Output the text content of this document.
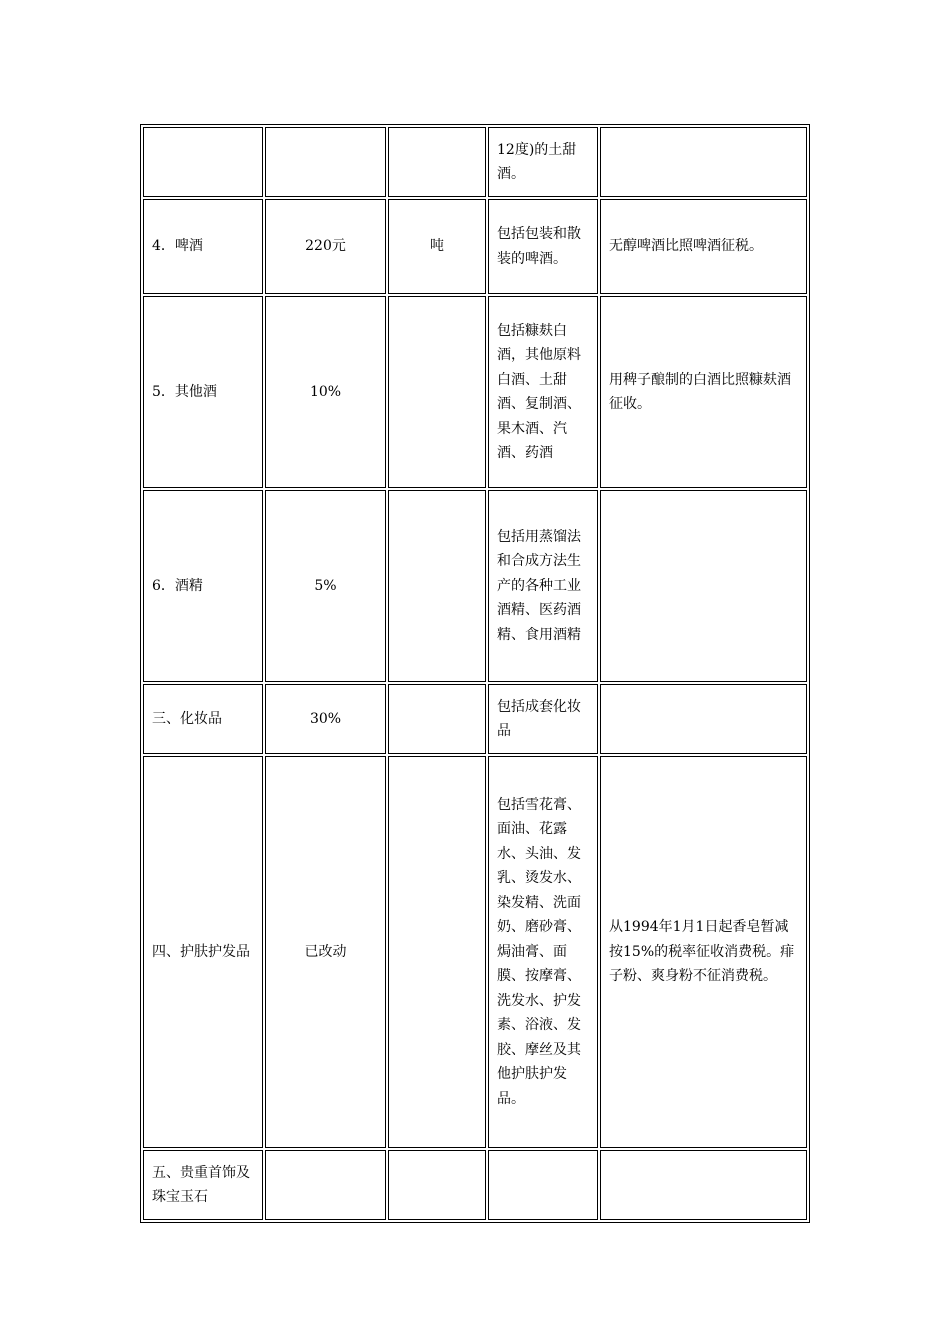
			12度)的土甜酒。	
4．啤酒	220元	吨	包括包装和散装的啤酒。	无醇啤酒比照啤酒征税。
5．其他酒	10%		包括糠麸白酒，其他原料白酒、土甜酒、复制酒、果木酒、汽酒、药酒	用稗子酿制的白酒比照糠麸酒征收。
6．酒精	5%		包括用蒸馏法和合成方法生产的各种工业酒精、医药酒精、食用酒精	
三、化妆品	30%		包括成套化妆品	
四、护肤护发品	已改动		包括雪花膏、面油、花露水、头油、发乳、烫发水、染发精、洗面奶、磨砂膏、焗油膏、面膜、按摩膏、洗发水、护发素、浴液、发胶、摩丝及其他护肤护发品。	从1994年1月1日起香皂暂减按15%的税率征收消费税。痱子粉、爽身粉不征消费税。
五、贵重首饰及珠宝玉石				
